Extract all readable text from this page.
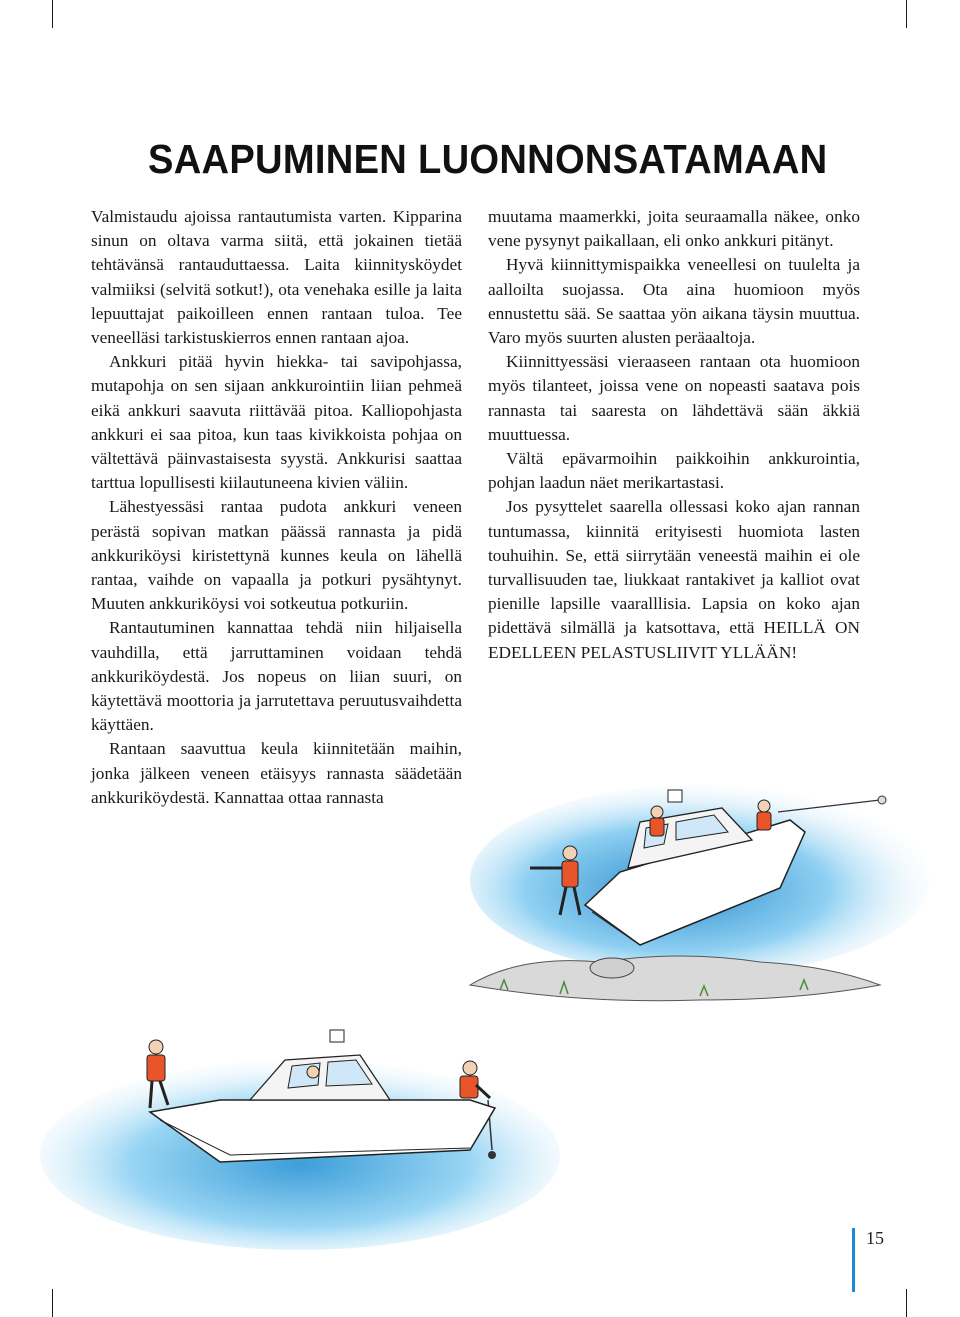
SAAPUMINEN LUONNONSATAMAAN

Valmistaudu ajoissa rantautumista varten. Kipparina sinun on oltava varma siitä, että jokainen tietää tehtävänsä rantauduttaessa. Laita kiinnitysköydet valmiiksi (selvitä sotkut!), ota venehaka esille ja laita lepuuttajat paikoilleen ennen rantaan tuloa. Tee veneelläsi tarkistuskierros ennen rantaan ajoa.

Ankkuri pitää hyvin hiekka- tai savipohjassa, mutapohja on sen sijaan ankkurointiin liian pehmeä eikä ankkuri saavuta riittävää pitoa. Kalliopohjasta ankkuri ei saa pitoa, kun taas kivikkoista pohjaa on vältettävä päinvastaisesta syystä. Ankkurisi saattaa tarttua lopullisesti kiilautuneena kivien väliin.

Lähestyessäsi rantaa pudota ankkuri veneen perästä sopivan matkan päässä rannasta ja pidä ankkuriköysi kiristettynä kunnes keula on lähellä rantaa, vaihde on vapaalla ja potkuri pysähtynyt. Muuten ankkuriköysi voi sotkeutua potkuriin.

Rantautuminen kannattaa tehdä niin hiljaisella vauhdilla, että jarruttaminen voidaan tehdä ankkuriköydestä. Jos nopeus on liian suuri, on käytettävä moottoria ja jarrutettava peruutusvaihdetta käyttäen.

Rantaan saavuttua keula kiinnitetään maihin, jonka jälkeen veneen etäisyys rannasta säädetään ankkuriköydestä. Kannattaa ottaa rannasta

muutama maamerkki, joita seuraamalla näkee, onko vene pysynyt paikallaan, eli onko ankkuri pitänyt.

Hyvä kiinnittymispaikka veneellesi on tuulelta ja aalloilta suojassa. Ota aina huomioon myös ennustettu sää. Se saattaa yön aikana täysin muuttua. Varo myös suurten alusten peräaaltoja.

Kiinnittyessäsi vieraaseen rantaan ota huomioon myös tilanteet, joissa vene on nopeasti saatava pois rannasta tai saaresta on lähdettävä sään äkkiä muuttuessa.

Vältä epävarmoihin paikkoihin ankkurointia, pohjan laadun näet merikartastasi.

Jos pysyttelet saarella ollessasi koko ajan rannan tuntumassa, kiinnitä erityisesti huomiota lasten touhuihin. Se, että siirrytään veneestä maihin ei ole turvallisuuden tae, liukkaat rantakivet ja kalliot ovat pienille lapsille vaaralllisia. Lapsia on koko ajan pidettävä silmällä ja katsottava, että HEILLÄ ON EDELLEEN PELASTUSLIIVIT YLLÄÄN!

15
